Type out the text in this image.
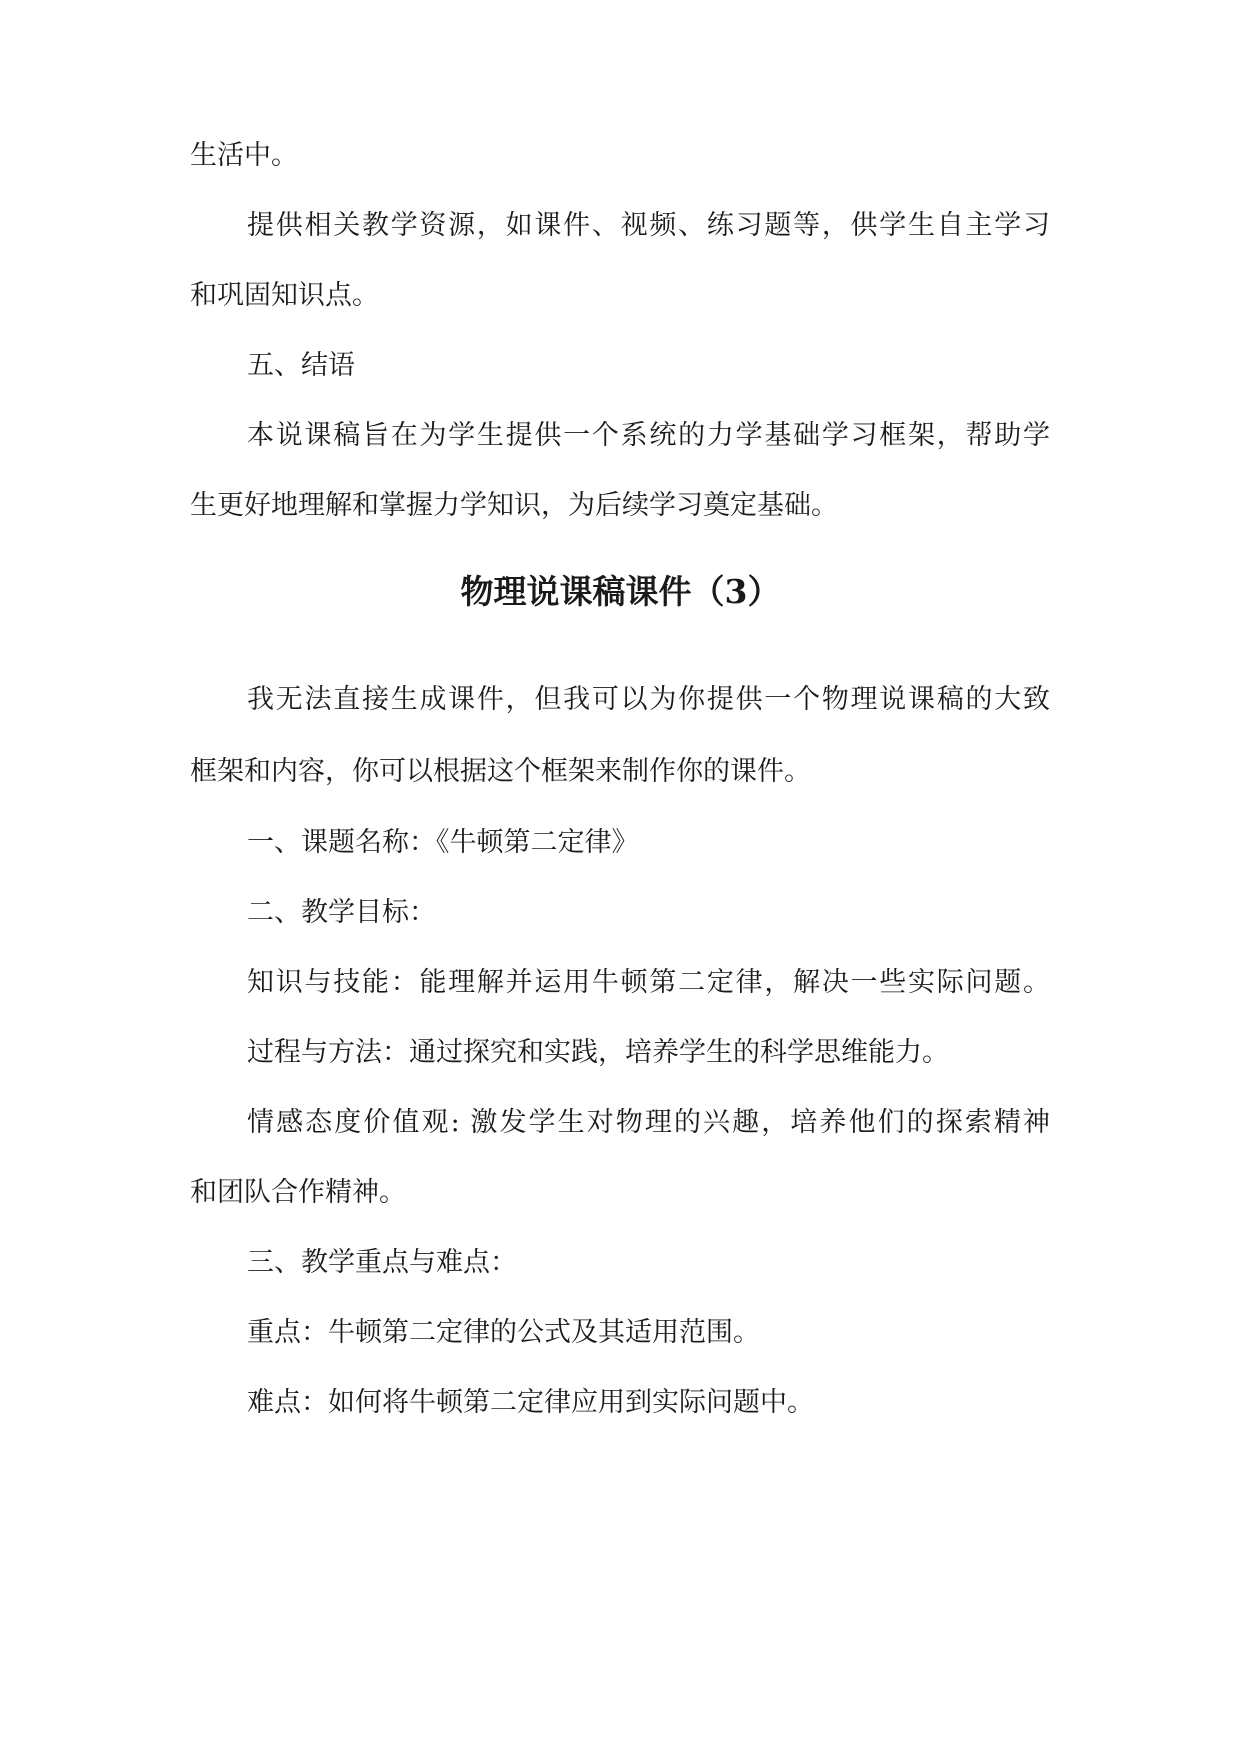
生活中。
提供相关教学资源，如课件、视频、练习题等，供学生自主学习
和巩固知识点。
五、结语
本说课稿旨在为学生提供一个系统的力学基础学习框架，帮助学
生更好地理解和掌握力学知识，为后续学习奠定基础。
物理说课稿课件（3）
我无法直接生成课件，但我可以为你提供一个物理说课稿的大致
框架和内容，你可以根据这个框架来制作你的课件。
一、课题名称：《牛顿第二定律》
二、教学目标：
知识与技能：能理解并运用牛顿第二定律，解决一些实际问题。
过程与方法：通过探究和实践，培养学生的科学思维能力。
情感态度价值观: 激发学生对物理的兴趣，培养他们的探索精神
和团队合作精神。
三、教学重点与难点：
重点：牛顿第二定律的公式及其适用范围。
难点：如何将牛顿第二定律应用到实际问题中。
